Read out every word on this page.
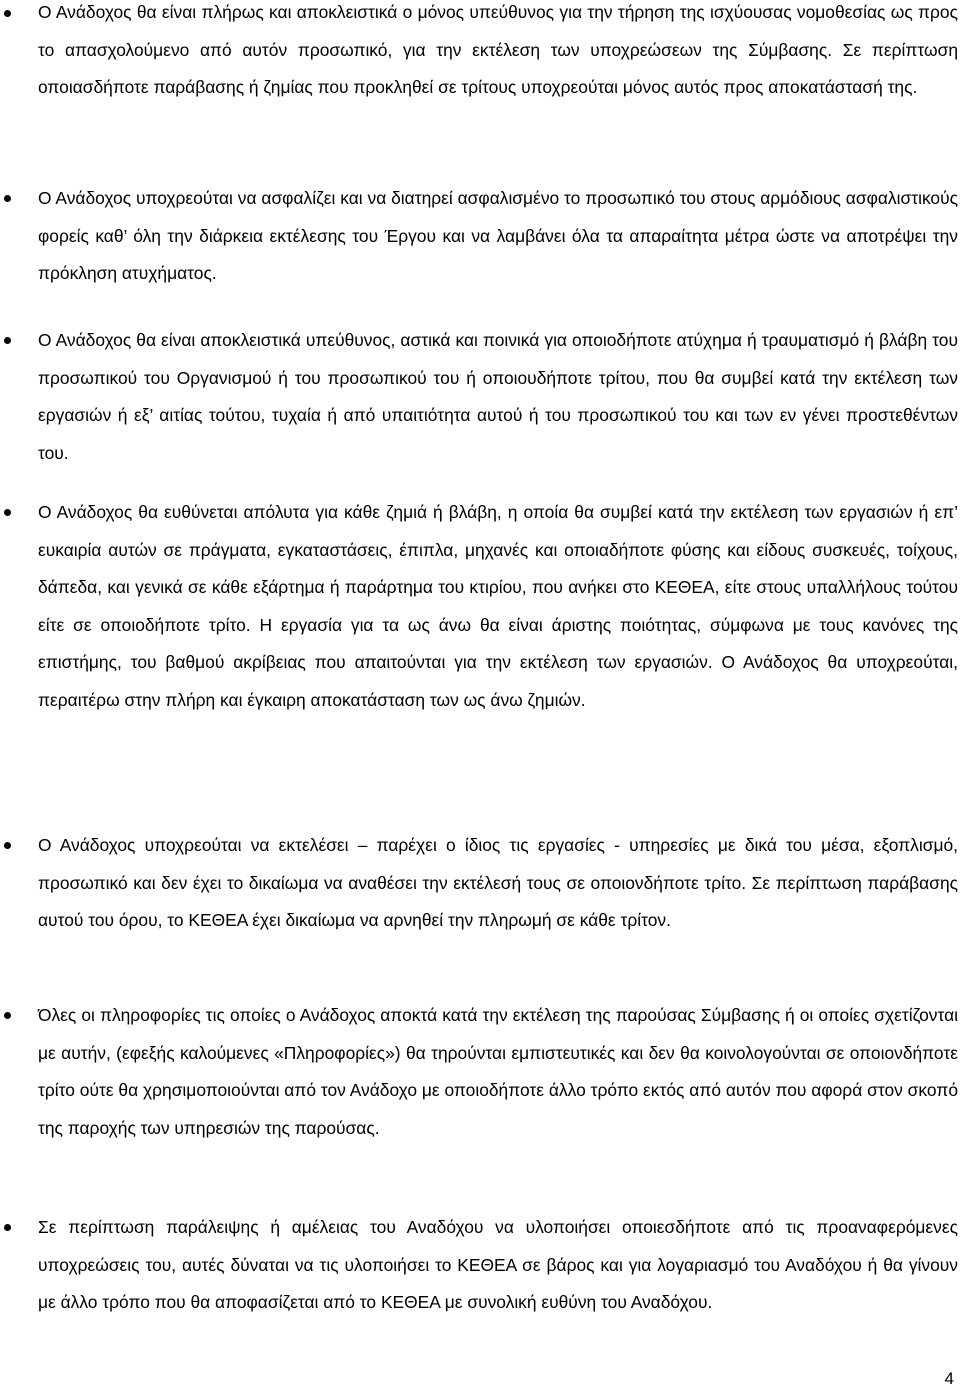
Ο Ανάδοχος θα είναι πλήρως και αποκλειστικά ο μόνος υπεύθυνος για την τήρηση της ισχύουσας νομοθεσίας ως προς το απασχολούμενο από αυτόν προσωπικό, για την εκτέλεση των υποχρεώσεων της Σύμβασης. Σε περίπτωση οποιασδήποτε παράβασης ή ζημίας που προκληθεί σε τρίτους υποχρεούται μόνος αυτός προς αποκατάστασή της.

Ο Ανάδοχος υποχρεούται να ασφαλίζει και να διατηρεί ασφαλισμένο το προσωπικό του στους αρμόδιους ασφαλιστικούς φορείς καθ’ όλη την διάρκεια εκτέλεσης του Έργου και να λαμβάνει όλα τα απαραίτητα μέτρα ώστε να αποτρέψει την πρόκληση ατυχήματος.

Ο Ανάδοχος θα είναι αποκλειστικά υπεύθυνος, αστικά και ποινικά για οποιοδήποτε ατύχημα ή τραυματισμό ή βλάβη του προσωπικού του Οργανισμού ή του προσωπικού του ή οποιουδήποτε τρίτου, που θα συμβεί κατά την εκτέλεση των εργασιών ή εξ’ αιτίας τούτου, τυχαία ή από υπαιτιότητα αυτού ή του προσωπικού του και των εν γένει προστεθέντων του.

Ο Ανάδοχος θα ευθύνεται απόλυτα για κάθε ζημιά ή βλάβη, η οποία θα συμβεί κατά την εκτέλεση των εργασιών ή επ’ ευκαιρία αυτών σε πράγματα, εγκαταστάσεις, έπιπλα, μηχανές και οποιαδήποτε φύσης και είδους συσκευές, τοίχους, δάπεδα, και γενικά σε κάθε εξάρτημα ή παράρτημα του κτιρίου, που ανήκει στο ΚΕΘΕΑ, είτε στους υπαλλήλους τούτου είτε σε οποιοδήποτε τρίτο. Η εργασία για τα ως άνω θα είναι άριστης ποιότητας, σύμφωνα με τους κανόνες της επιστήμης, του βαθμού ακρίβειας που απαιτούνται για την εκτέλεση των εργασιών. Ο Ανάδοχος θα υποχρεούται, περαιτέρω στην πλήρη και έγκαιρη αποκατάσταση των ως άνω ζημιών.

Ο Ανάδοχος υποχρεούται να εκτελέσει – παρέχει ο ίδιος τις εργασίες - υπηρεσίες με δικά του μέσα, εξοπλισμό, προσωπικό και δεν έχει το δικαίωμα να αναθέσει την εκτέλεσή τους σε οποιονδήποτε τρίτο. Σε περίπτωση παράβασης αυτού του όρου, το ΚΕΘΕΑ έχει δικαίωμα να αρνηθεί την πληρωμή σε κάθε τρίτον.

Όλες οι πληροφορίες τις οποίες ο Ανάδοχος αποκτά κατά την εκτέλεση της παρούσας Σύμβασης ή οι οποίες σχετίζονται με αυτήν, (εφεξής καλούμενες «Πληροφορίες») θα τηρούνται εμπιστευτικές και δεν θα κοινολογούνται σε οποιονδήποτε τρίτο ούτε θα χρησιμοποιούνται από τον Ανάδοχο με οποιοδήποτε άλλο τρόπο εκτός από αυτόν που αφορά στον σκοπό της παροχής των υπηρεσιών της παρούσας.

Σε περίπτωση παράλειψης ή αμέλειας του Αναδόχου να υλοποιήσει οποιεσδήποτε από τις προαναφερόμενες υποχρεώσεις του, αυτές δύναται να τις υλοποιήσει το ΚΕΘΕΑ σε βάρος και για λογαριασμό του Αναδόχου ή θα γίνουν με άλλο τρόπο που θα αποφασίζεται από το ΚΕΘΕΑ με συνολική ευθύνη του Αναδόχου.

4
